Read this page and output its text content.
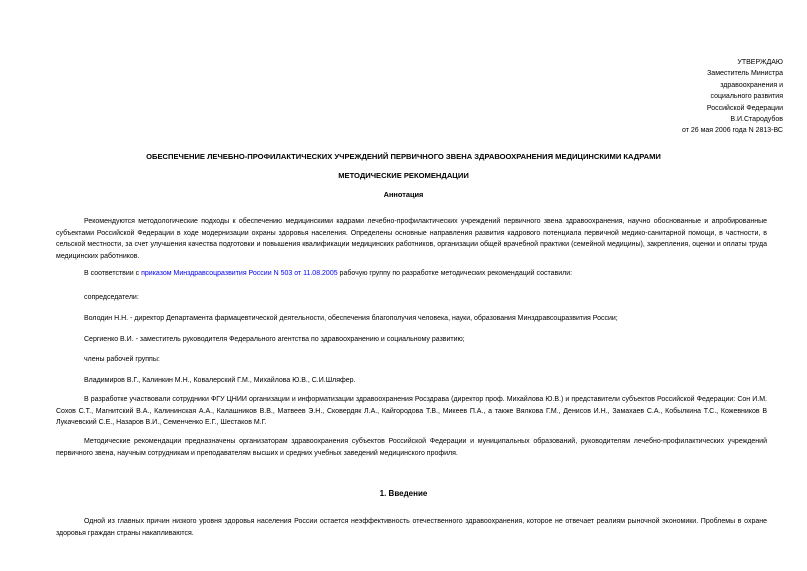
УТВЕРЖДАЮ
Заместитель Министра
здравоохранения и
социального развития
Российской Федерации
В.И.Стародубов
от 26 мая 2006 года N 2813-ВС
ОБЕСПЕЧЕНИЕ ЛЕЧЕБНО-ПРОФИЛАКТИЧЕСКИХ УЧРЕЖДЕНИЙ ПЕРВИЧНОГО ЗВЕНА ЗДРАВООХРАНЕНИЯ МЕДИЦИНСКИМИ КАДРАМИ
МЕТОДИЧЕСКИЕ РЕКОМЕНДАЦИИ
Аннотация
Рекомендуются методологические подходы к обеспечению медицинскими кадрами лечебно-профилактических учреждений первичного звена здравоохранения, научно обоснованные и апробированные субъектами Российской Федерации в ходе модернизации охраны здоровья населения. Определены основные направления развития кадрового потенциала первичной медико-санитарной помощи, в частности, в сельской местности, за счет улучшения качества подготовки и повышения квалификации медицинских работников, организации общей врачебной практики (семейной медицины), закрепления, оценки и оплаты труда медицинских работников.
В соответствии с приказом Минздравсоцразвития России N 503 от 11.08.2005 рабочую группу по разработке методических рекомендаций составили:
сопредседатели:
Володин Н.Н. - директор Департамента фармацевтической деятельности, обеспечения благополучия человека, науки, образования Минздравсоцразвития России;
Сергиенко В.И. - заместитель руководителя Федерального агентства по здравоохранению и социальному развитию;
члены рабочей группы:
Владимиров В.Г., Калинкин М.Н., Ковалерский Г.М., Михайлова Ю.В., С.И.Шляфер.
В разработке участвовали сотрудники ФГУ ЦНИИ организации и информатизации здравоохранения Росздрава (директор проф. Михайлова Ю.В.) и представители субъектов Российской Федерации: Сон И.М. Сохов С.Т., Магнитский В.А., Калининская А.А., Калашников В.В., Матвеев Э.Н., Сковердяк Л.А., Кайгородова Т.В., Микеев П.А., а также Вялкова Г.М., Денисов И.Н., Замахаев С.А., Кобылкина Т.С., Кожевников В Лукачевский С.Е., Назаров В.И., Семенченко Е.Г., Шестаков М.Г.
Методические рекомендации предназначены организаторам здравоохранения субъектов Российской Федерации и муниципальных образований, руководителям лечебно-профилактических учреждений первичного звена, научным сотрудникам и преподавателям высших и средних учебных заведений медицинского профиля.
1. Введение
Одной из главных причин низкого уровня здоровья населения России остается неэффективность отечественного здравоохранения, которое не отвечает реалиям рыночной экономики. Проблемы в охране здоровья граждан страны накапливаются.
